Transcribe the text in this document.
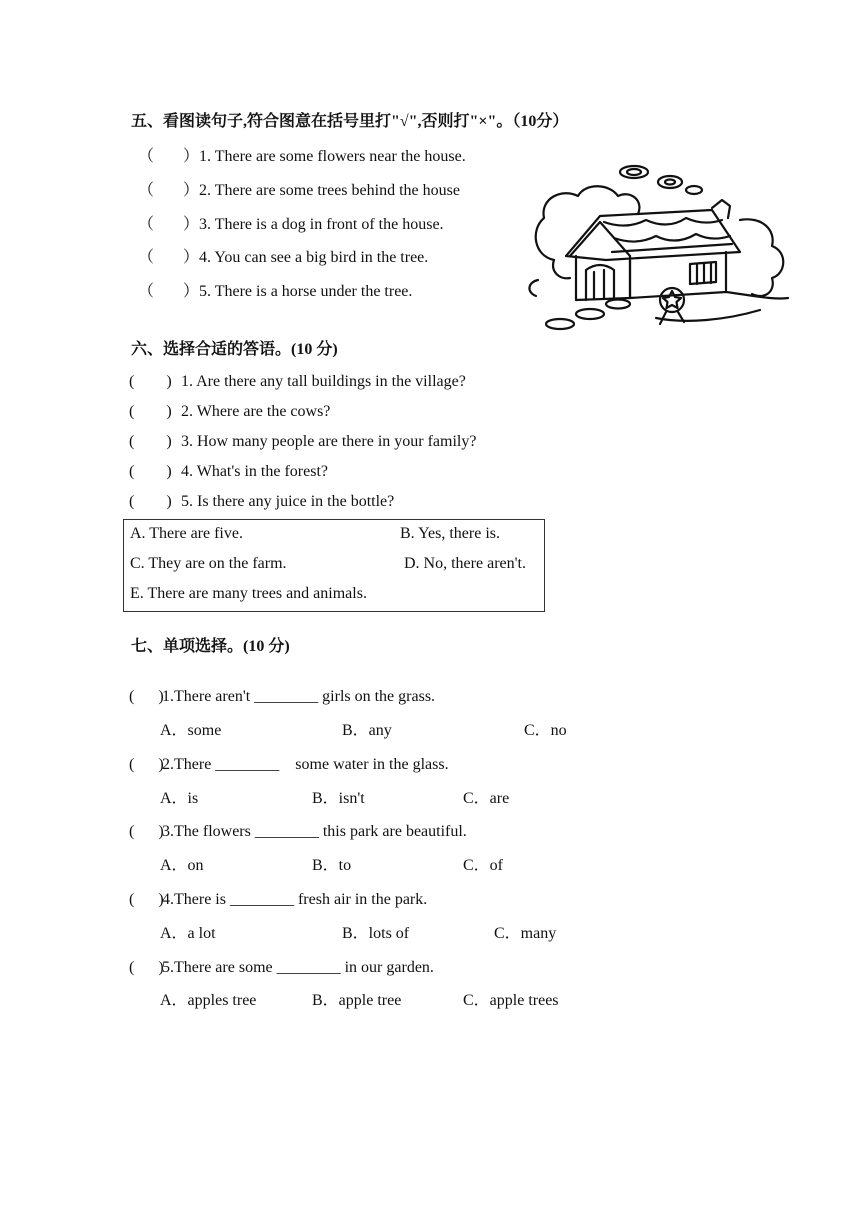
五、看图读句子,符合图意在括号里打"√",否则打"×"。（10分）
（ ） 1. There are some flowers near the house.
（ ） 2. There are some trees behind the house
（ ） 3. There is a dog in front of the house.
（ ） 4. You can see a big bird in the tree.
（ ） 5. There is a horse under the tree.
六、选择合适的答语。(10 分)
(        ) 1. Are there any tall buildings in the village?
(        ) 2. Where are the cows?
(        ) 3. How many people are there in your family?
(        ) 4. What's in the forest?
(        ) 5. Is there any juice in the bottle?
A. There are five.	B. Yes, there is.
C. They are on the farm.	D. No, there aren't.
E. There are many trees and animals.
七、单项选择。(10 分)
(      )
1.There aren't ________ girls on the grass.
A．some	B．any	C．no
(      )
2.There ________    some water in the glass.
A．is	B．isn't	C．are
(      )
3.The flowers ________ this park are beautiful.
A．on	B．to	C．of
(      )
4.There is ________ fresh air in the park.
A．a lot	B．lots of	C．many
(      )
5.There are some ________ in our garden.
A．apples tree	B．apple tree	C．apple trees
